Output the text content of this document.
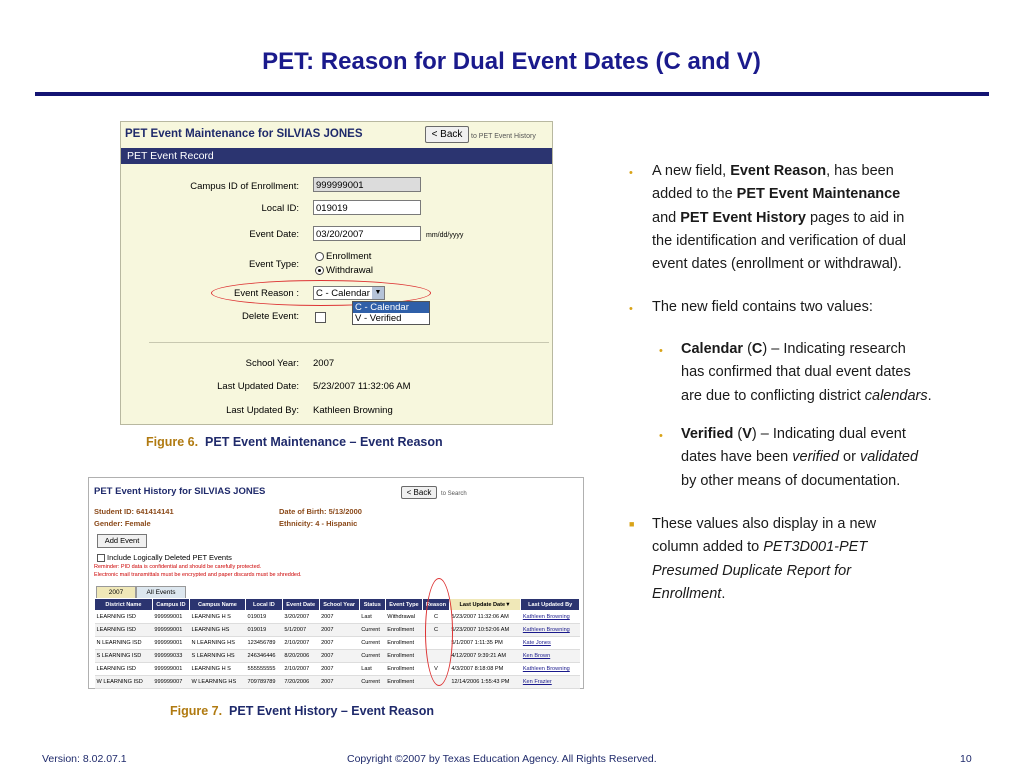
PET: Reason for Dual Event Dates (C and V)
PET Event Maintenance for SILVIAS JONES	< Back	to PET Event History
PET Event Record
Campus ID of Enrollment:	999999001
Local ID:	019019
Event Date:	03/20/2007	mm/dd/yyyy
Event Type:
Enrollment
Withdrawal
Event Reason :	C - Calendar ▼
C - Calendar
V - Verified
Delete Event:
School Year: 2007
Last Updated Date: 5/23/2007 11:32:06 AM
Last Updated By: Kathleen Browning
Figure 6. PET Event Maintenance – Event Reason
PET Event History for SILVIAS JONES	< Back	to Search
Student ID: 641414141
Gender: Female
Date of Birth: 5/13/2000
Ethnicity: 4 - Hispanic
Add Event
Include Logically Deleted PET Events
Reminder: PID data is confidential and should be carefully protected.
Electronic mail transmittals must be encrypted and paper discards must be shredded.
2007	All Events
District Name	Campus ID	Campus Name	Local ID	Event Date	School Year	Status	Event Type	Reason	Last Update Date▼	Last Updated By
LEARNING ISD	999999001	LEARNING H S	019019	3/20/2007	2007	Last	Withdrawal	C	5/23/2007 11:32:06 AM	Kathleen Browning
LEARNING ISD	999999001	LEARNING HS	019019	5/1/2007	2007	Current	Enrollment	C	5/23/2007 10:52:06 AM	Kathleen Browning
N LEARNING ISD	999999001	N LEARNING HS	123456789	2/10/2007	2007	Current	Enrollment		5/1/2007 1:11:35 PM	Kate Jones
S LEARNING ISD	999999033	S LEARNING HS	246346446	8/20/2006	2007	Current	Enrollment		4/12/2007 9:39:21 AM	Ken Brown
LEARNING ISD	999999001	LEARNING H S	555555555	2/10/2007	2007	Last	Enrollment	V	4/3/2007 8:18:08 PM	Kathleen Browning
W LEARNING ISD	999999007	W LEARNING HS	709789789	7/20/2006	2007	Current	Enrollment		12/14/2006 1:55:43 PM	Ken Frazier
Figure 7. PET Event History – Event Reason
• A new field, Event Reason, has been
added to the PET Event Maintenance
and PET Event History pages to aid in
the identification and verification of dual
event dates (enrollment or withdrawal).
• The new field contains two values:
• Calendar (C) – Indicating research
has confirmed that dual event dates
are due to conflicting district calendars.
• Verified (V) – Indicating dual event
dates have been verified or validated
by other means of documentation.
■ These values also display in a new
column added to PET3D001-PET
Presumed Duplicate Report for
Enrollment.
Version: 8.02.07.1	Copyright ©2007 by Texas Education Agency. All Rights Reserved.	10
